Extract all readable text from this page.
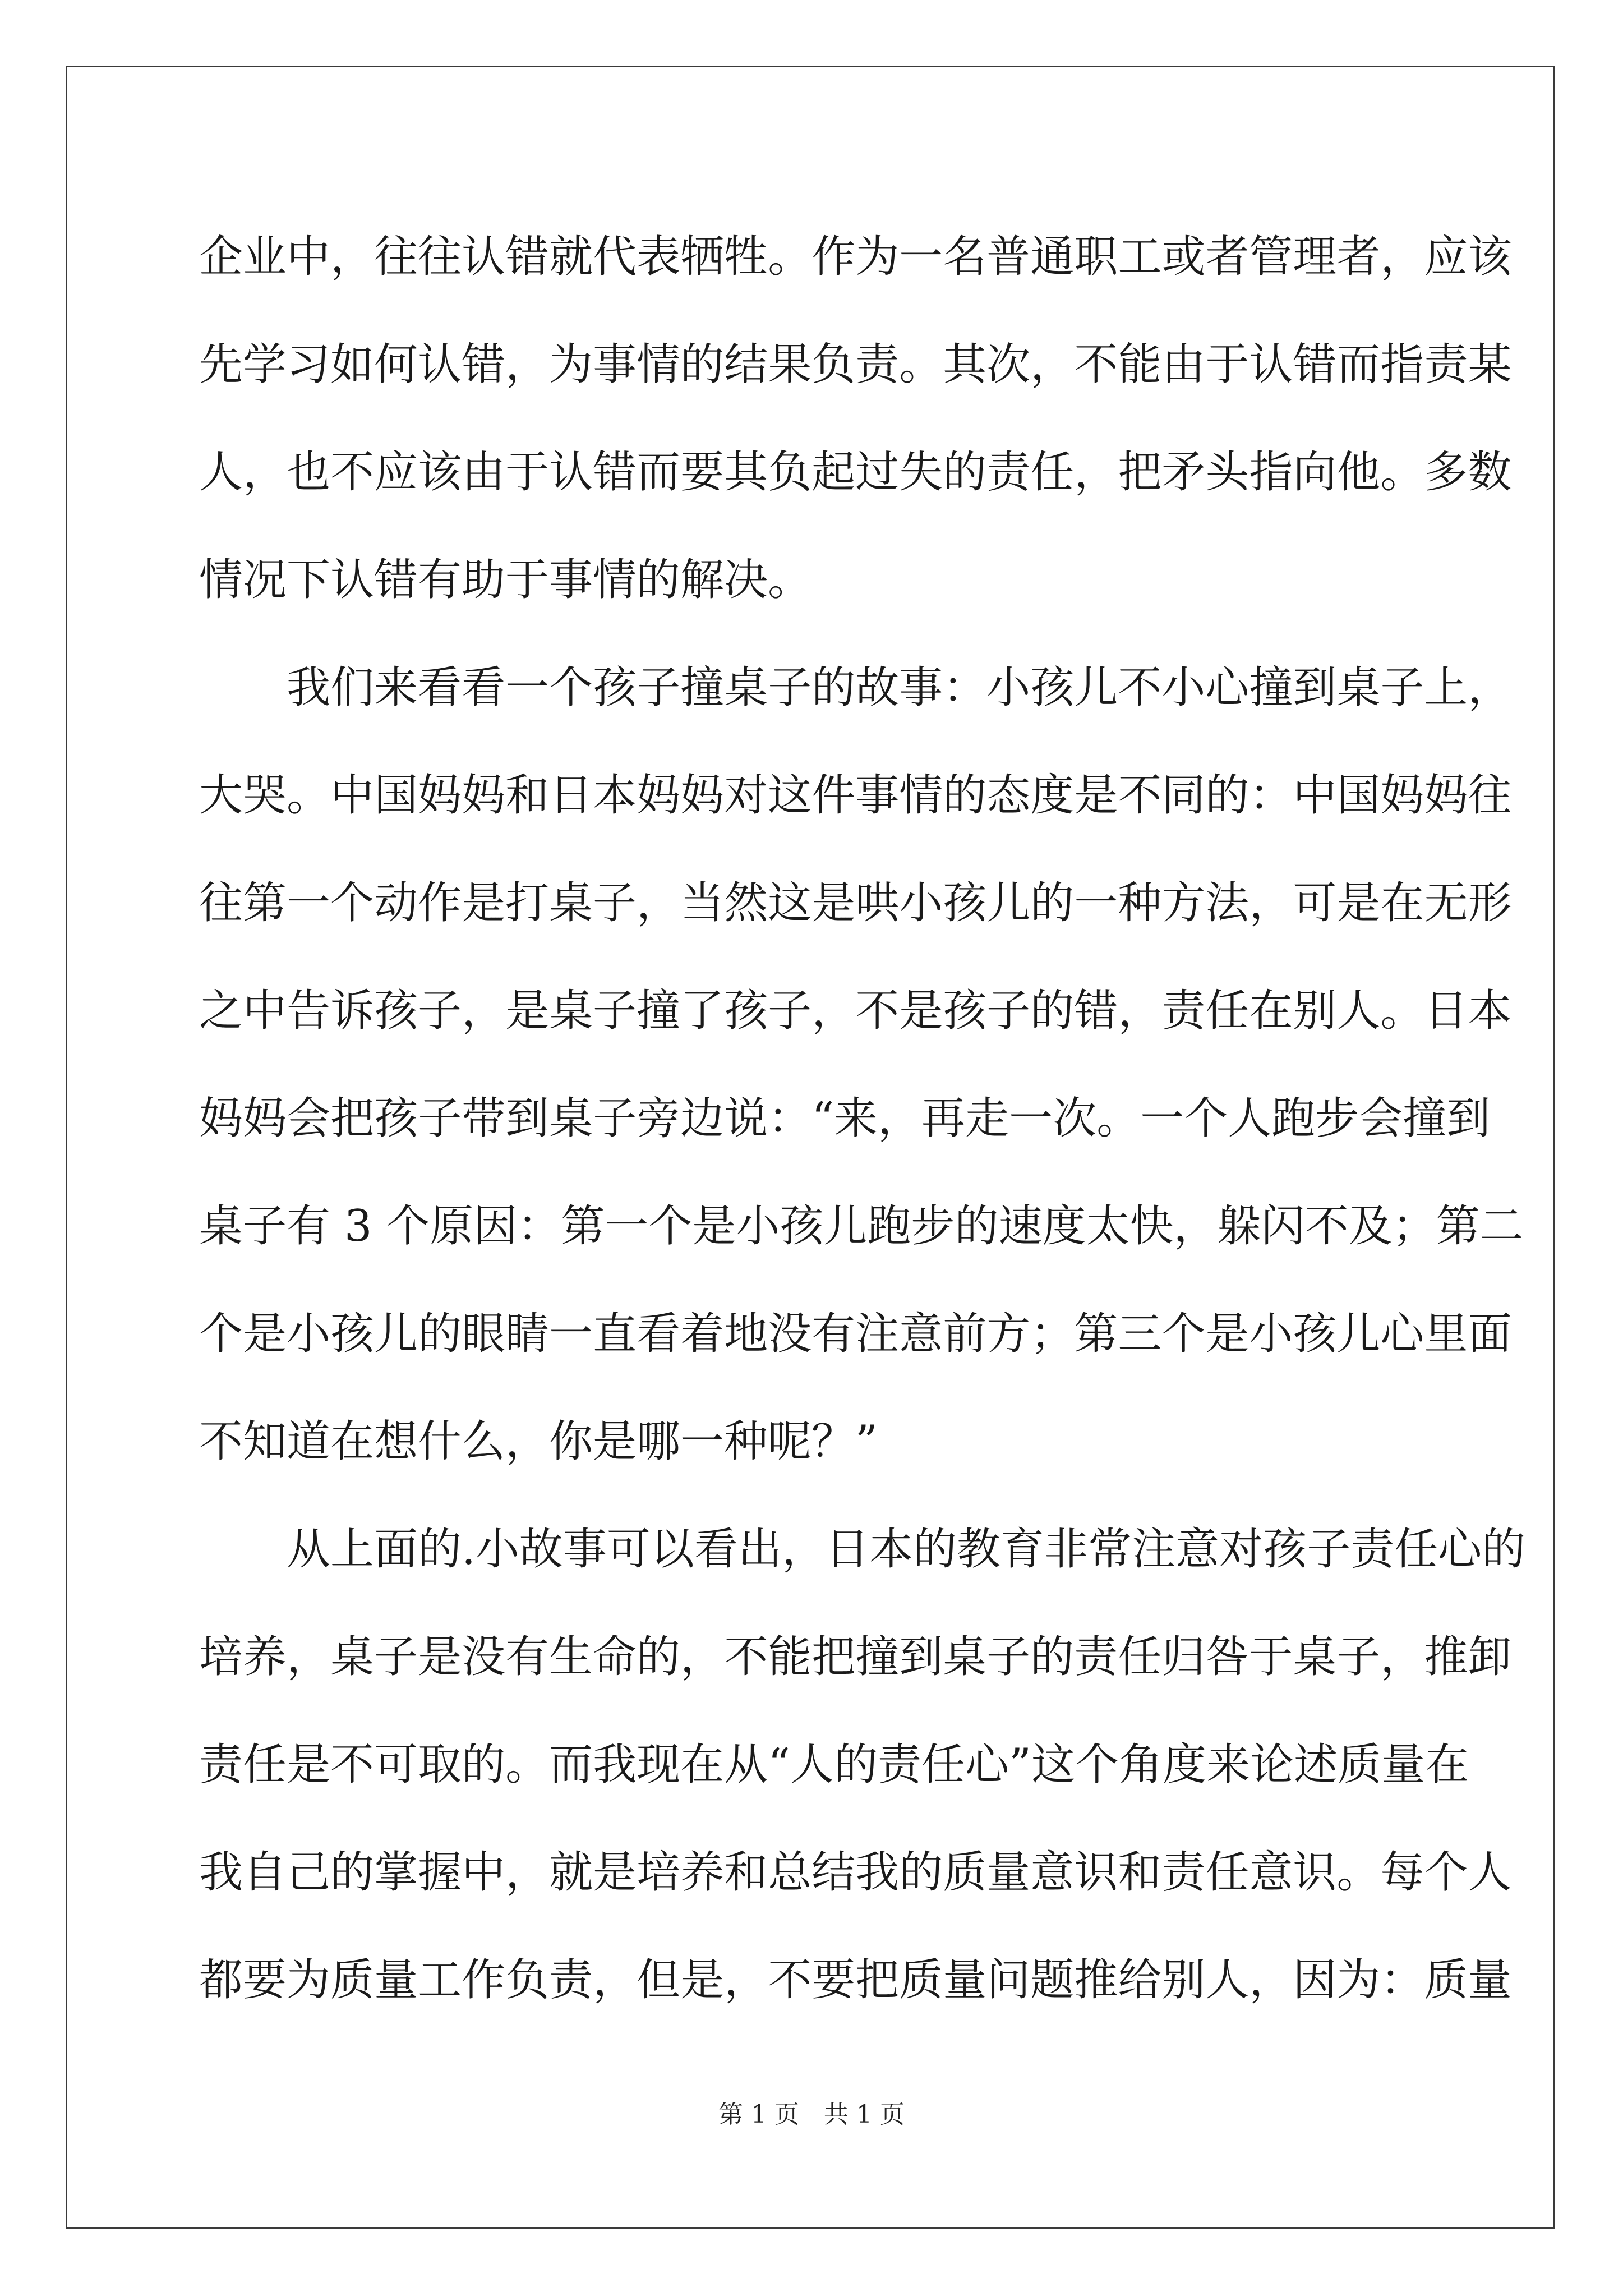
企 业 中 ， 往 往 认 错 就 代 表 牺 牲 。 作 为 一 名 普 通 职 工 或 者 管 理 者 ， 应 该
先 学 习 如 何 认 错 ， 为 事 情 的 结 果 负 责 。 其 次 ， 不 能 由 于 认 错 而 指 责 某
人 ， 也 不 应 该 由 于 认 错 而 要 其 负 起 过 失 的 责 任 ， 把 矛 头 指 向 他 。 多 数
情况下认错有助于事情的解决。
我 们 来 看 看 一 个 孩 子 撞 桌 子 的 故 事 ： 小 孩 儿 不 小 心 撞 到 桌 子 上 ，
大 哭 。 中 国 妈 妈 和 日 本 妈 妈 对 这 件 事 情 的 态 度 是 不 同 的 ： 中 国 妈 妈 往
往 第 一 个 动 作 是 打 桌 子 ， 当 然 这 是 哄 小 孩 儿 的 一 种 方 法 ， 可 是 在 无 形
之 中 告 诉 孩 子 ， 是 桌 子 撞 了 孩 子 ， 不 是 孩 子 的 错 ， 责 任 在 别 人 。 日 本
妈 妈 会 把 孩 子 带 到 桌 子 旁 边 说 ： “ 来 ， 再 走 一 次 。 一 个 人 跑 步 会 撞 到
桌 子 有
3
个 原 因 ： 第 一 个 是 小 孩 儿 跑 步 的 速 度 太 快 ， 躲 闪 不 及 ； 第 二
个 是 小 孩 儿 的 眼 睛 一 直 看 着 地 没 有 注 意 前 方 ； 第 三 个 是 小 孩 儿 心 里 面
不知道在想什么，你是哪一种呢？”
从 上 面 的 . 小 故 事 可 以 看 出 ， 日 本 的 教 育 非 常 注 意 对 孩 子 责 任 心 的
培 养 ， 桌 子 是 没 有 生 命 的 ， 不 能 把 撞 到 桌 子 的 责 任 归 咎 于 桌 子 ， 推 卸
责 任 是 不 可 取 的 。 而 我 现 在 从 “ 人 的 责 任 心 ” 这 个 角 度 来 论 述 质 量 在
我 自 己 的 掌 握 中 ， 就 是 培 养 和 总 结 我 的 质 量 意 识 和 责 任 意 识 。 每 个 人
都 要 为 质 量 工 作 负 责 ， 但 是 ， 不 要 把 质 量 问 题 推 给 别 人 ， 因 为 ： 质 量
第 1 页　共 1 页
